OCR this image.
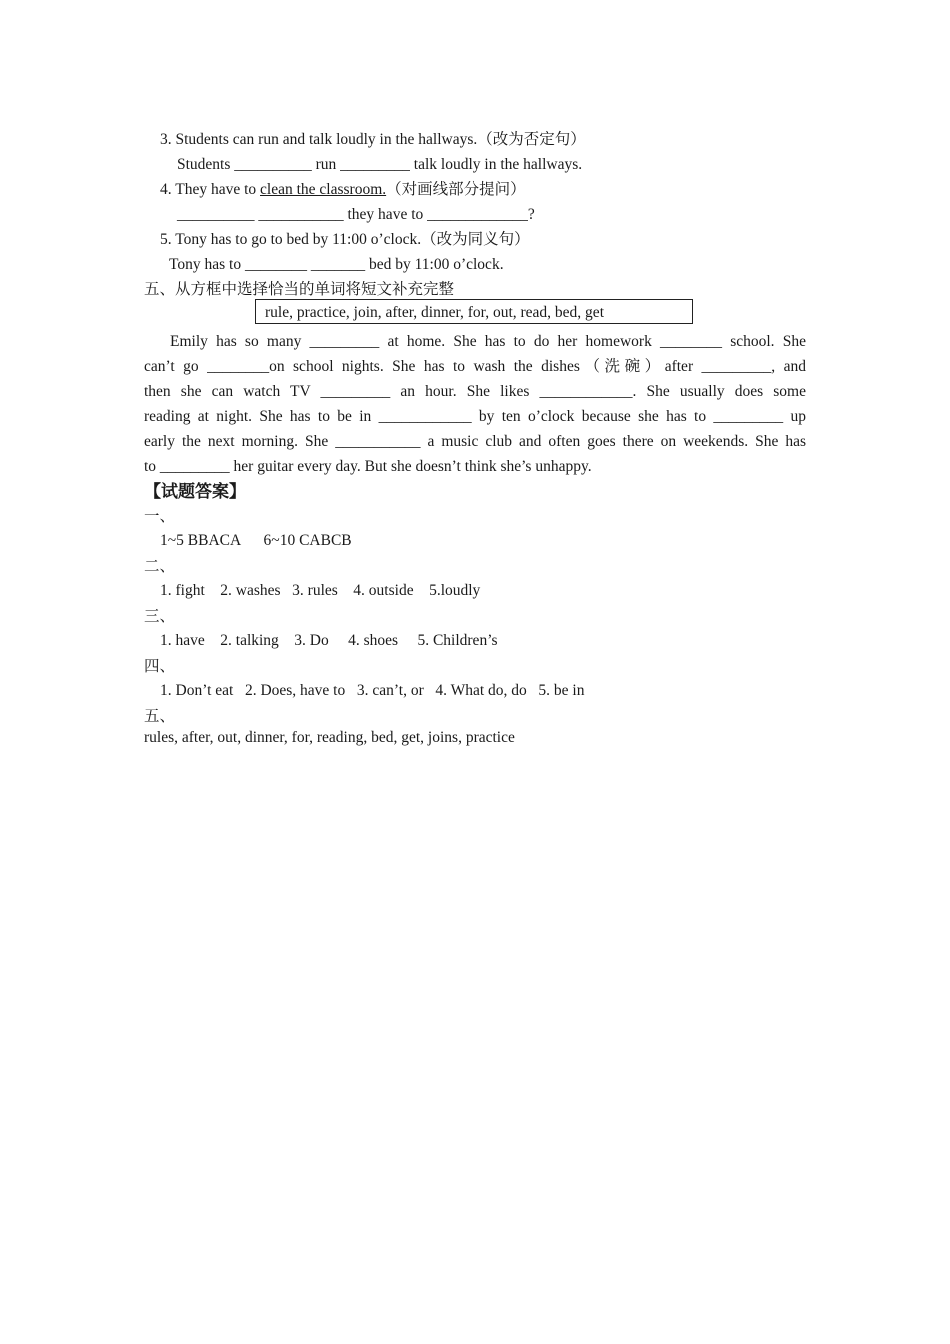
3. Students can run and talk loudly in the hallways.（改为否定句）
Students __________ run _________ talk loudly in the hallways.
4. They have to clean the classroom.（对画线部分提问）
__________ ___________ they have to _____________?
5. Tony has to go to bed by 11:00 o’clock.（改为同义句）
Tony has to ________ _______ bed by 11:00 o’clock.
五、从方框中选择恰当的单词将短文补充完整
rule, practice, join, after, dinner, for, out, read, bed, get
Emily has so many _________ at home. She has to do her homework ________ school. She
can’t go ________on school nights. She has to wash the dishes（洗碗）after _________, and
then she can watch TV _________ an hour. She likes ____________. She usually does some
reading at night. She has to be in ____________ by ten o’clock because she has to _________ up
early the next morning. She ___________ a music club and often goes there on weekends. She has
to _________ her guitar every day. But she doesn’t think she’s unhappy.
【试题答案】
一、
1~5 BBACA      6~10 CABCB
二、
1. fight    2. washes   3. rules    4. outside    5.loudly
三、
1. have    2. talking    3. Do     4. shoes     5. Children’s
四、
1. Don’t eat   2. Does, have to   3. can’t, or   4. What do, do   5. be in
五、
rules, after, out, dinner, for, reading, bed, get, joins, practice
